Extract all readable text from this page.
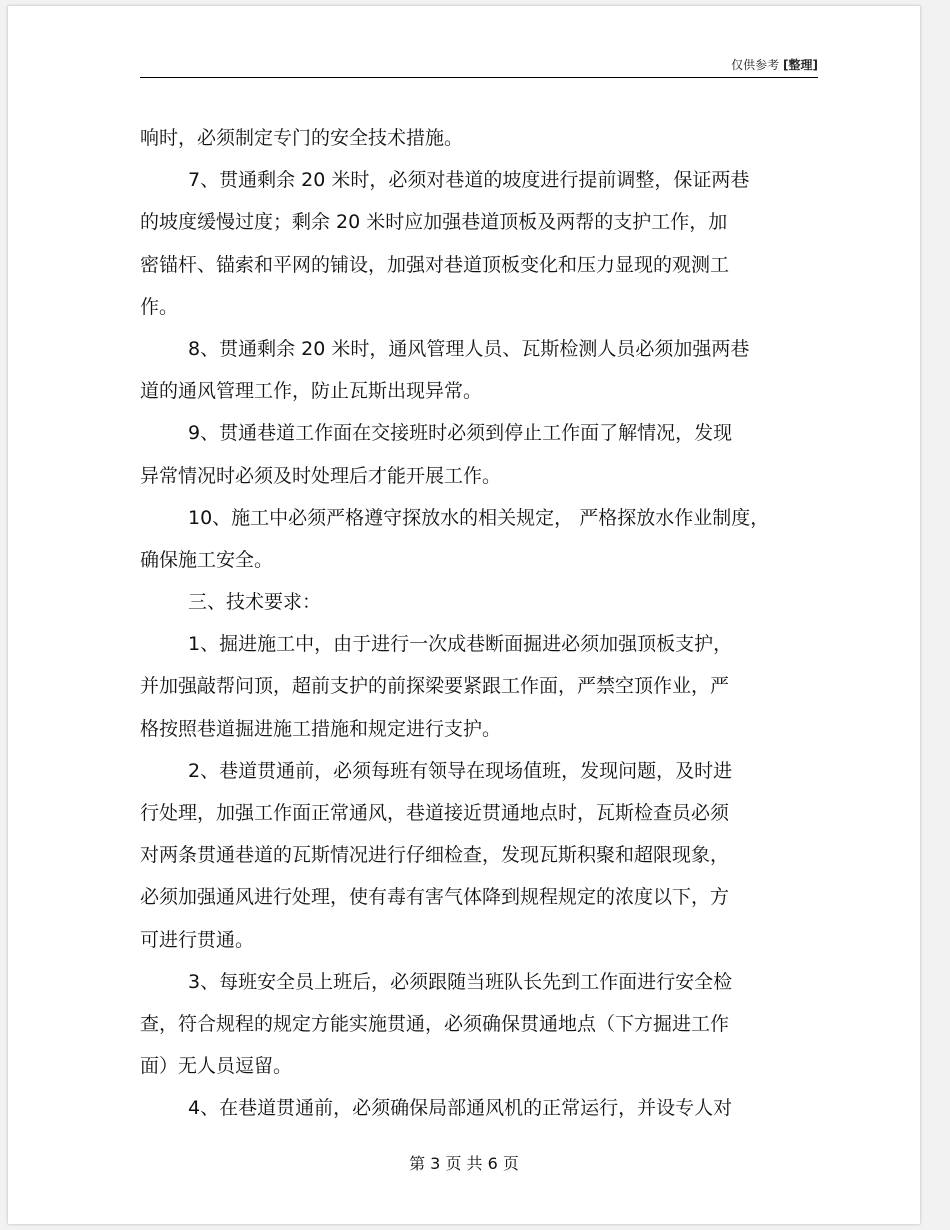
仅供参考 [整理]
响时，必须制定专门的安全技术措施。
7、贯通剩余 20 米时，必须对巷道的坡度进行提前调整，保证两巷
的坡度缓慢过度；剩余 20 米时应加强巷道顶板及两帮的支护工作，加
密锚杆、锚索和平网的铺设，加强对巷道顶板变化和压力显现的观测工
作。
8、贯通剩余 20 米时，通风管理人员、瓦斯检测人员必须加强两巷
道的通风管理工作，防止瓦斯出现异常。
9、贯通巷道工作面在交接班时必须到停止工作面了解情况，发现
异常情况时必须及时处理后才能开展工作。
10、施工中必须严格遵守探放水的相关规定， 严格探放水作业制度，
确保施工安全。
三、技术要求：
1、掘进施工中，由于进行一次成巷断面掘进必须加强顶板支护，
并加强敲帮问顶，超前支护的前探梁要紧跟工作面，严禁空顶作业，严
格按照巷道掘进施工措施和规定进行支护。
2、巷道贯通前，必须每班有领导在现场值班，发现问题，及时进
行处理，加强工作面正常通风，巷道接近贯通地点时，瓦斯检查员必须
对两条贯通巷道的瓦斯情况进行仔细检查，发现瓦斯积聚和超限现象，
必须加强通风进行处理，使有毒有害气体降到规程规定的浓度以下，方
可进行贯通。
3、每班安全员上班后，必须跟随当班队长先到工作面进行安全检
查，符合规程的规定方能实施贯通，必须确保贯通地点（下方掘进工作
面）无人员逗留。
4、在巷道贯通前，必须确保局部通风机的正常运行，并设专人对
第 3 页 共 6 页
